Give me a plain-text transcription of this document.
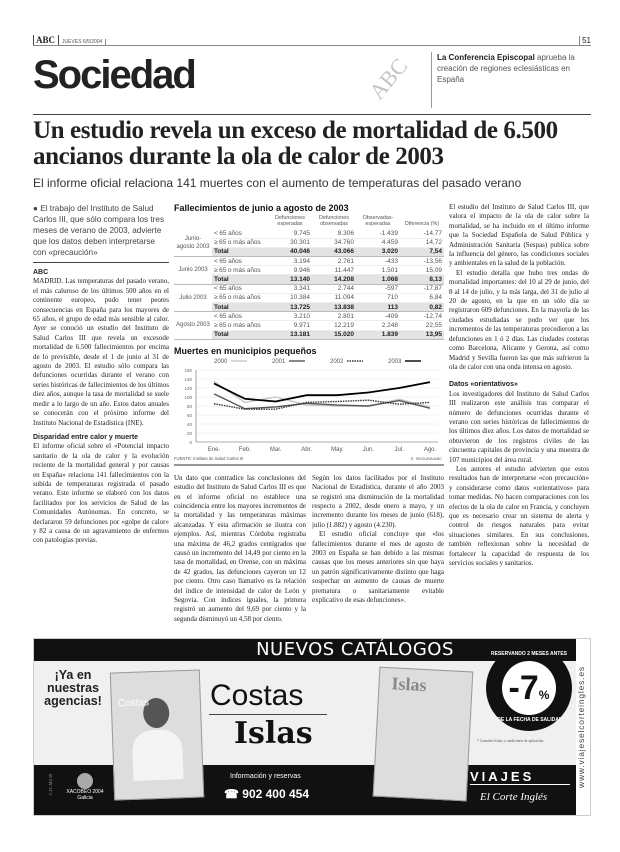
ABC	JUEVES 6/5/2004	51
Sociedad	ABC	La Conferencia Episcopal aprueba la creación de regiones eclesiásticas en España
Un estudio revela un exceso de mortalidad de 6.500 ancianos durante la ola de calor de 2003
El informe oficial relaciona 141 muertes con el aumento de temperaturas del pasado verano
● El trabajo del Instituto de Salud Carlos III, que sólo compara los tres meses de verano de 2003, advierte que los datos deben interpretarse con «precaución»
ABC

MADRID. Las temperaturas del pasado verano, el más caluroso de los últimos 500 años en el continente europeo, pudo tener peores consecuencias en España para los mayores de 65 años, el grupo de edad más sensible al calor. Ayer se conoció un estudio del Instituto de Salud Carlos III que revela un excesode mortalidad de 6.500 fallecimientos por encima de lo previsible, desde el 1 de junio al 31 de agosto de 2003. El estudio sólo compara las defunciones ocurridas durante el verano con series históricas de fallecimientos de los últimos diez años, aunque la tasa de mortalidad se suele medir a lo largo de un año. Estos datos anuales se conocerán con el próximo informe del Instituto Nacional de Estadística (INE).

Disparidad entre calor y muerte

El informe oficial sobre el «Potencial impacto sanitario de la ola de calor y la evolución reciente de la mortalidad general y por causas en España» relaciona 141 fallecimientos con la subida de temperaturas registrada el pasado verano. Este informe se elaboró con los datos facilitados por los servicios de Salud de las Comunidades Autónomas. En concreto, se declararon 59 defunciones por «golpe de calor» y 82 a causa de un agravamiento de enfermos con patologías previas.

Fallecimientos de junio a agosto de 2003
		Defunciones esperadas	Defunciones observadas	Observadas-esperadas	Diferencia (%)
Junio-agosto 2003	< 65 años	9.745	8.306	-1.439	-14,77
	≥ 65 o más años	30.301	34.760	4.459	14,72
	Total	40.046	43.066	3.020	7,54
Junio 2003	< 65 años	3.194	2.761	-433	-13,56
	≥ 65 o más años	9.946	11.447	1.501	15,09
	Total	13.140	14.208	1.068	8,13
Julio 2003	< 65 años	3.341	2.744	-597	-17,87
	≥ 65 o más años	10.384	11.094	710	6,84
	Total	13.725	13.838	113	0,82
Agosto 2003	< 65 años	3.210	2.801	-409	-12,74
	≥ 65 o más años	9.971	12.219	2.248	22,55
	Total	13.181	15.020	1.839	13,95
Muertes en municipios pequeños
0
20
40
60
80
100
120
140
160
Ene.	Feb.	Mar.	Abr.	May.	Jun.	Jul.	Ago.
2000	2001	2002	2003
FUENTE: Instituto de Salud Carlos III	E. SEGURA/ABC

Un dato que contradice las conclusiones del estudio del Instituto de Salud Carlos III es que en el informe oficial no establece una coincidencia entre los mayores incrementos de la mortalidad y las temperaturas máximas alcanzadas. Y esta afirmación se ilustra con ejemplos. Así, mientras Córdoba registraba una máxima de 46,2 grados centígrados que causó un incremento del 14,49 por ciento en la tasa de mortalidad, en Orense, con un máxima de 42 grados, las defunciones cayeron un 12 por ciento. Otro caso llamativo es la relación del índice de intensidad de calor de León y Segovia. Con índices iguales, la primera registró un aumento del 9,69 por ciento y la segunda disminuyó un 4,58 por ciento.

Según los datos facilitados por el Instituto Nacional de Estadística, durante el año 2003 se registró una disminución de la mortalidad respecto a 2002, desde enero a mayo, y un incremento durante los meses de junio (618), julio (1.882) y agosto (4.230).

El estudio oficial concluye que «los fallecimientos durante el mes de agosto de 2003 en España se han debido a las mismas causas que los meses anteriores sin que haya un patrón significativamente distinto que haga sospechar un aumento de causas de muerte prematura o sanitariamente evitable explicativo de esas defunciones».

El estudio del Instituto de Salud Carlos III, que valora el impacto de la ola de calor sobre la mortalidad, se ha incluido en el último informe que la Sociedad Española de Salud Pública y Administración Sanitaria (Sespas) publica sobre la influencia del género, las condiciones sociales y ambientales en la salud de la población.

El estudio detalla que hubo tres ondas de mortalidad importantes: del 10 al 29 de junio, del 8 al 14 de julio, y la más larga, del 31 de julio al 20 de agosto, en la que en un sólo día se registraron 609 defunciones. En la mayoría de las ciudades estudiadas se pudo ver que los incrementos de las temperaturas precedieron a las defunciones en 1 ó 2 días. Las ciudades costeras como Barcelona, Alicante y Gerona, así como Madrid y Sevilla fueron las que más sufrieron la ola de calor con una onda intensa en agosto.

Datos «orientativos»

Los investigadores del Instituto de Salud Carlos III realizaron este análisis tras comparar el número de defunciones ocurridas durante el verano con series históricas de fallecimientos de los últimos diez años. Los datos de mortalidad se obtuvieron de los registros civiles de las cincuenta capitales de provincia y una muestra de 107 municipios del área rural.

Los autores el estudio advierten que estos resultados han de interpretarse «con precaución» y considerarse como datos «orientativos» para tomar medidas. No hacen comparaciones con los efectos de la ola de calor en Francia, y concluyen que es necesario crear un sistema de alerta y control de riesgos naturales para evitar situaciones similares. En sus conclusiones, también reflexionan sobre la necesidad de fortalecer la capacidad de respuesta de los servicios sociales y sanitarios.

NUEVOS CATÁLOGOS
¡Ya en nuestras agencias!	Costas
C.I.C.MA 59	XACOBEO 2004 Galicia
Costas
Islas
Información y reservas
☎ 902 400 454
Islas
RESERVANDO 2 MESES ANTES
-7%
DE LA FECHA DE SALIDA*
* Consulte fechas y condiciones de aplicación.
VIAJES
El Corte Inglés
www.viajeselcorteingles.es
